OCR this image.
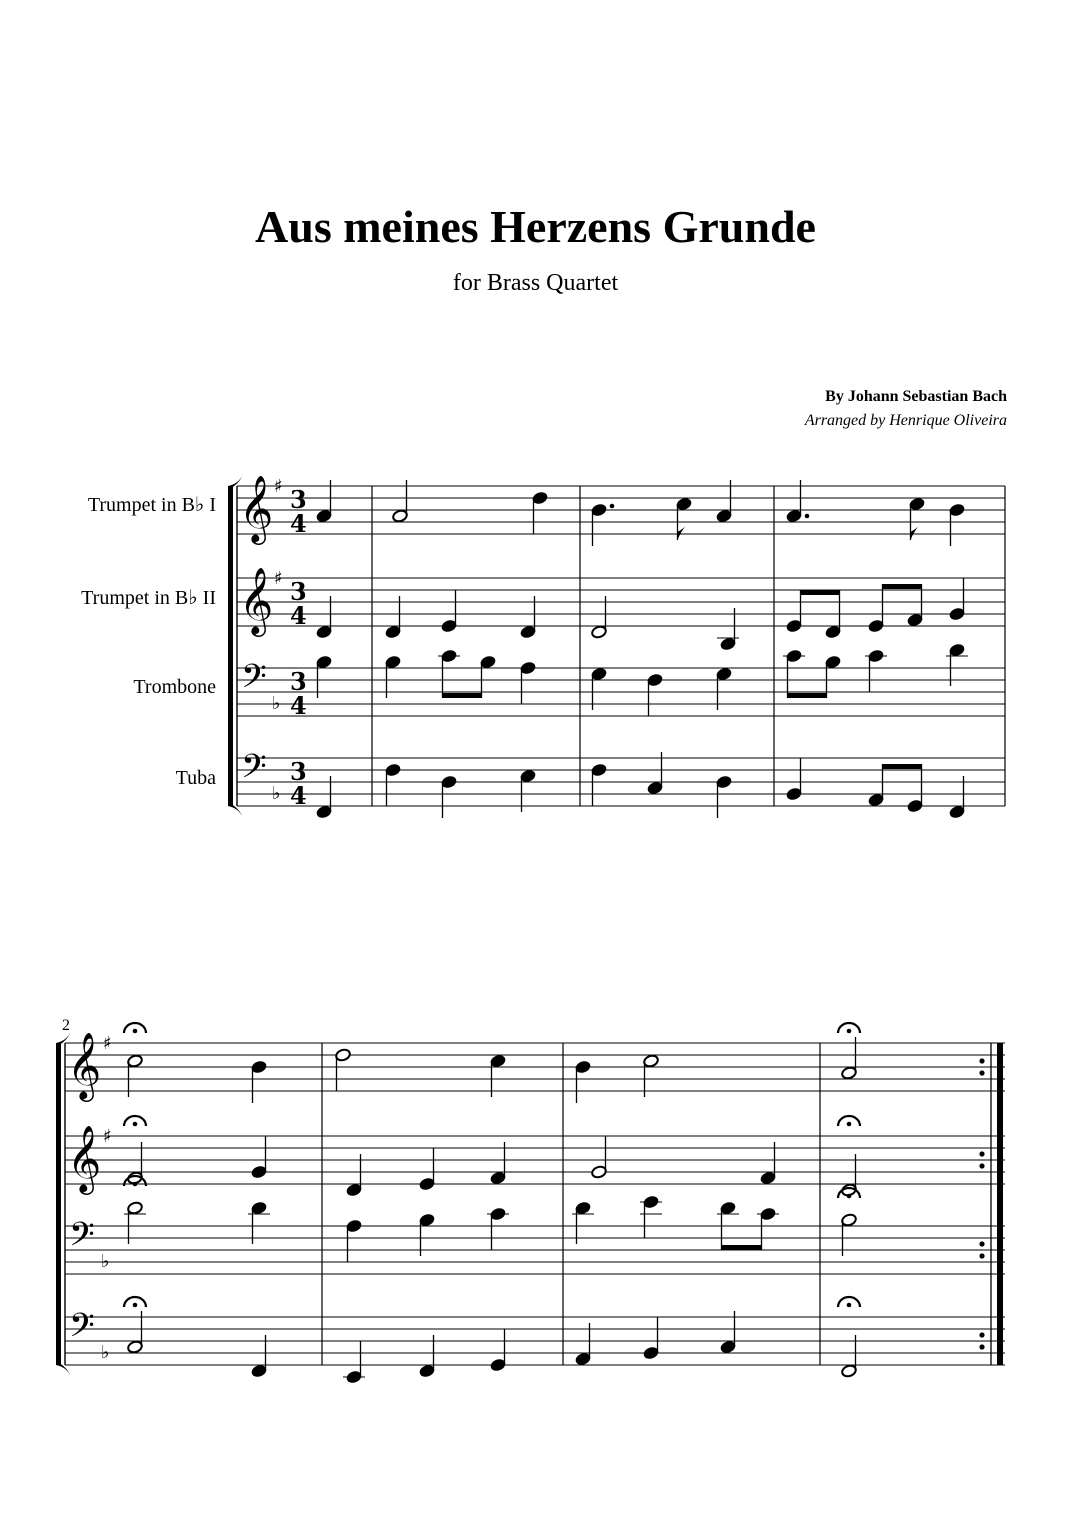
Aus meines Herzens Grunde
for Brass Quartet
By Johann Sebastian Bach
Arranged by Henrique Oliveira
Trumpet in B♭ I
Trumpet in B♭ II
Trombone
Tuba
𝄞 ♯ 3
4
𝄞 ♯ 3
4
𝄢 ♭
3
4
𝄢 ♭
3
4
𝄞 ♯
𝄞 ♯
𝄢 ♭
𝄢 ♭
2
